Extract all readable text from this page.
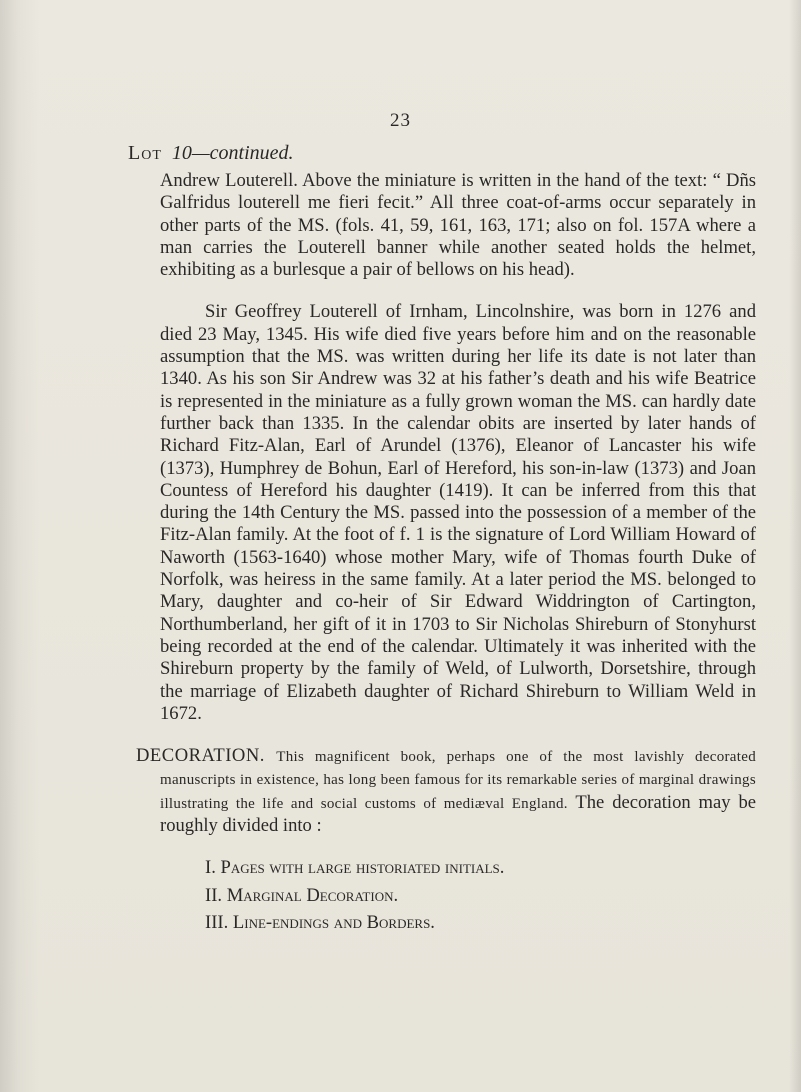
23
Lot 10—continued.

Andrew Louterell. Above the miniature is written in the hand of the text: “ Dñs Galfridus louterell me fieri fecit.” All three coat-of-arms occur separately in other parts of the MS. (fols. 41, 59, 161, 163, 171; also on fol. 157A where a man carries the Louterell banner while another seated holds the helmet, exhibiting as a burlesque a pair of bellows on his head).

Sir Geoffrey Louterell of Irnham, Lincolnshire, was born in 1276 and died 23 May, 1345. His wife died five years before him and on the reasonable assumption that the MS. was written during her life its date is not later than 1340. As his son Sir Andrew was 32 at his father’s death and his wife Beatrice is represented in the miniature as a fully grown woman the MS. can hardly date further back than 1335. In the calendar obits are inserted by later hands of Richard Fitz-Alan, Earl of Arundel (1376), Eleanor of Lancaster his wife (1373), Humphrey de Bohun, Earl of Hereford, his son-in-law (1373) and Joan Countess of Hereford his daughter (1419). It can be inferred from this that during the 14th Century the MS. passed into the possession of a member of the Fitz-Alan family. At the foot of f. 1 is the signature of Lord William Howard of Naworth (1563-1640) whose mother Mary, wife of Thomas fourth Duke of Norfolk, was heiress in the same family. At a later period the MS. belonged to Mary, daughter and co-heir of Sir Edward Widdrington of Cartington, Northumberland, her gift of it in 1703 to Sir Nicholas Shireburn of Stonyhurst being recorded at the end of the calendar. Ultimately it was inherited with the Shireburn property by the family of Weld, of Lulworth, Dorsetshire, through the marriage of Elizabeth daughter of Richard Shireburn to William Weld in 1672.

DECORATION. This magnificent book, perhaps one of the most lavishly decorated manuscripts in existence, has long been famous for its remarkable series of marginal drawings illustrating the life and social customs of mediæval England. The decoration may be roughly divided into :

I. Pages with large historiated initials.
II. Marginal Decoration.
III. Line-endings and Borders.
